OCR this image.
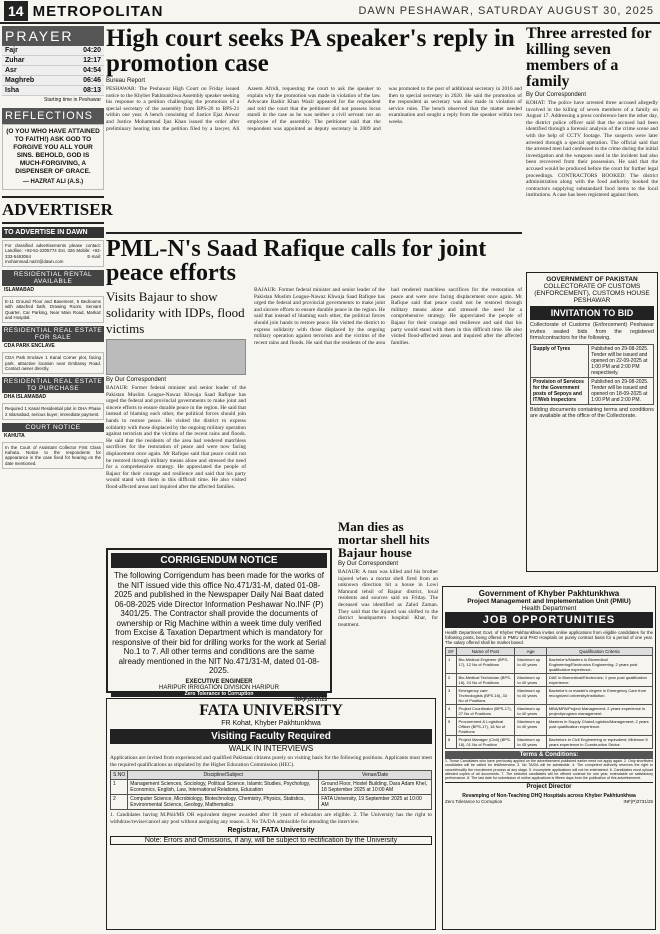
14 METROPOLITAN	DAWN PESHAWAR, SATURDAY AUGUST 30, 2025
PRAYER
Fajr	04:20
Zuhar	12:17
Asr	04:54
Maghreb	06:46
Isha	08:13
Starting time in Peshawar
REFLECTIONS
(O YOU WHO HAVE ATTAINED TO FAITH!) ASK GOD TO FORGIVE YOU ALL YOUR SINS. BEHOLD, GOD IS MUCH-FORGIVING, A DISPENSER OF GRACE.
— HAZRAT ALI (A.S.)
ADVERTISER
TO ADVERTISE IN DAWN
For classified advertisements please contact: Landline: +92-51-2205774 Ext. 326 Mobile: +92-333-5463064 E-mail: mohammad.nazir@dawn.com
RESIDENTIAL RENTAL AVAILABLE
ISLAMABAD
E-11 Ground Floor and Basement, 5 Bedrooms with attached bath, Drawing Room, Servant Quarter, Car Parking, Near Main Road, Markaz and Hospital.
RESIDENTIAL REAL ESTATE FOR SALE
CDA PARK ENCLAVE
CDA Park Enclave 1 Kanal Corner plot, facing park, attractive location near Embassy Road. Contact owner directly.
RESIDENTIAL REAL ESTATE TO PURCHASE
DHA ISLAMABAD
Required 1 Kanal Residential plot in DHA Phase 2 Islamabad, serious buyer, immediate payment.
COURT NOTICE
KAHUTA
In the Court of Assistant Collector First Class Kahuta. Notice to the respondents for appearance in the case fixed for hearing on the date mentioned.
High court seeks PA speaker's reply in promotion case
Bureau Report
PESHAWAR: The Peshawar High Court on Friday issued notice to the Khyber Pakhtunkhwa Assembly speaker seeking his response to a petition challenging the promotion of a special secretary of the assembly from BPS-20 to BPS-21 within one year. A bench consisting of Justice Ejaz Anwar and Justice Mohammad Ijaz Khan issued the order after preliminary hearing into the petition filed by a lawyer, Ali Azeem Afridi, requesting the court to ask the speaker to explain why the promotion was made in violation of the law. Advocate Bashir Khan Wazir appeared for the respondent and told the court that the petitioner did not possess locus standi in the case as he was neither a civil servant nor an employee of the assembly. The petitioner said that the respondent was appointed as deputy secretary in 2009 and was promoted to the post of additional secretary in 2016 and then to special secretary in 2020. He said the promotion of the respondent as secretary was also made in violation of service rules. The bench observed that the matter needed examination and sought a reply from the speaker within two weeks.
PML-N's Saad Rafique calls for joint peace efforts
Visits Bajaur to show solidarity with IDPs, flood victims
By Our Correspondent
BAJAUR: Former federal minister and senior leader of the Pakistan Muslim League-Nawaz Khwaja Saad Rafique has urged the federal and provincial governments to make joint and sincere efforts to ensure durable peace in the region. He said that instead of blaming each other, the political forces should join hands to restore peace. He visited the district to express solidarity with those displaced by the ongoing military operation against terrorists and the victims of the recent rains and floods. He said that the residents of the area had rendered matchless sacrifices for the restoration of peace and were now facing displacement once again. Mr Rafique said that peace could not be restored through military means alone and stressed the need for a comprehensive strategy. He appreciated the people of Bajaur for their courage and resilience and said that his party would stand with them in this difficult time. He also visited flood-affected areas and inquired after the affected families.
BAJAUR: Former federal minister and senior leader of the Pakistan Muslim League-Nawaz Khwaja Saad Rafique has urged the federal and provincial governments to make joint and sincere efforts to ensure durable peace in the region. He said that instead of blaming each other, the political forces should join hands to restore peace. He visited the district to express solidarity with those displaced by the ongoing military operation against terrorists and the victims of the recent rains and floods. He said that the residents of the area had rendered matchless sacrifices for the restoration of peace and were now facing displacement once again. Mr Rafique said that peace could not be restored through military means alone and stressed the need for a comprehensive strategy. He appreciated the people of Bajaur for their courage and resilience and said that his party would stand with them in this difficult time. He also visited flood-affected areas and inquired after the affected families.
CORRIGENDUM NOTICE
The following Corrigendum has been made for the works of the NIT issued vide this office No.471/31-M, dated 01-08-2025 and published in the Newspaper Daily Nai Baat dated 06-08-2025 vide Director Information Peshawar No.INF (P) 3401/25. The Contractor shall provide the documents of ownership or Rig Machine within a week time duly verified from Excise & Taxation Department which is mandatory for responsive of their bid for drilling works for the work at Serial No.1 to 7. All other terms and conditions are the same already mentioned in the NIT No.471/31-M, dated 01-08-2025.
EXECUTIVE ENGINEER
HARIPUR IRRIGATION DIVISION HARIPUR
Zero Tolerance to Corruption
INF(P)3727/25
Man dies as mortar shell hits Bajaur house
By Our Correspondent
BAJAUR: A man was killed and his brother injured when a mortar shell fired from an unknown direction hit a house in Lowi Mamund tehsil of Bajaur district, local residents and sources said on Friday. The deceased was identified as Zahid Zaman. They said that the injured was shifted to the district headquarters hospital Khar, for treatment.
FATA UNIVERSITY
FR Kohat, Khyber Pakhtunkhwa
Visiting Faculty Required
WALK IN INTERVIEWS
Applications are invited from experienced and qualified Pakistani citizens purely on visiting basis for the following positions. Applicants must meet the required qualifications as stipulated by the Higher Education Commission (HEC).
S.NO	Discipline/Subject	Venue/Date
1	Management Sciences, Sociology, Political Science, Islamic Studies, Psychology, Economics, English, Law, International Relations, Education	Ground Floor, Hostel Building, Dara Adam Khel, 18 September 2025 at 10:00 AM
2	Computer Science, Microbiology, Biotechnology, Chemistry, Physics, Statistics, Environmental Science, Geology, Mathematics	FATA University, 19 September 2025 at 10:00 AM
1. Candidates having M.Phil/MS OR equivalent degree awarded after 18 years of education are eligible. 2. The University has the right to withdraw/revise/cancel any post without assigning any reason. 3. No TA/DA admissible for attending the interview.
Registrar, FATA University
Note: Errors and Omissions, if any, will be subject to rectification by the University
Three arrested for killing seven members of a family
By Our Correspondent
KOHAT: The police have arrested three accused allegedly involved in the killing of seven members of a family on August 17. Addressing a press conference here the other day, the district police officer said that the accused had been identified through a forensic analysis of the crime scene and with the help of CCTV footage. The suspects were later arrested through a special operation. The official said that the arrested men had confessed to the crime during the initial investigation and the weapons used in the incident had also been recovered from their possession. He said that the accused would be produced before the court for further legal proceedings. CONTRACTORS BOOKED: The district administration along with the food authority booked the contractors supplying substandard food items to the local institutions. A case has been registered against them.
GOVERNMENT OF PAKISTAN
COLLECTORATE OF CUSTOMS (ENFORCEMENT), CUSTOMS HOUSE PESHAWAR
INVITATION TO BID
Collectorate of Customs (Enforcement) Peshawar invites sealed bids from the registered firms/contractors for the following.
Supply of Tyres	Published on 29-08-2025. Tender will be issued and opened on 22-09-2025 at 1:00 PM and 2:00 PM respectively.
Provision of Services for the Government posts of Sepoys and IT/Web Inspectors	Published on 29-08-2025. Tender will be issued and opened on 18-09-2025 at 1:00 PM and 2:00 PM.
Bidding documents containing terms and conditions are available at the office of the Collectorate.
Government of Khyber Pakhtunkhwa
Project Management and Implementation Unit (PMIU)
Health Department
JOB OPPORTUNITIES
Health Department Govt. of Khyber Pakhtunkhwa invites online applications from eligible candidates for the following posts, being offered in PMIU and PHO Hospitals on purely contract basis for a period of one year. The salary offered shall be market based.
S#	Name of Post	Age	Qualification Criteria
1	Bio-Medical Engineer (BPS-17), 12 No of Positions	Maximum up to 40 years	Bachelor's/Masters in Biomedical Engineering/Electronics Engineering; 2 years post qualification experience.
2	Bio-Medical Technician (BPS-16), 24 No of Positions	Maximum up to 40 years	DAE in Biomedical/Electronics; 1 year post qualification experience.
3	Emergency care Technologists (BPS-16), 33 No of Positions	Maximum up to 40 years	Bachelor's or master's degree in Emergency Care from recognized university/institution.
4	Project Coordinator (BPS-17), 27 No of Positions	Maximum up to 40 years	MBA/MPA/Project Management; 2 years experience in project/program management.
5	Procurement & Logistical Officer (BPS-17), 18 No of Positions	Maximum up to 40 years	Masters in Supply Chain/Logistics/Management; 2 years post qualification experience.
6	Project Manager (Civil) (BPS-18), 01 No of Position	Maximum up to 45 years	Bachelors in Civil Engineering or equivalent; Minimum 5 years experience in Construction Sector.
Terms & Conditions:
1. Those Candidates who have previously applied on the advertisement published earlier need not apply again. 2. Only shortlisted candidates will be called for test/interview. 3. No TA/DA will be admissible. 4. The competent authority reserves the right to cancel/modify the recruitment process at any stage. 5. Incomplete applications will not be entertained. 6. Candidates must upload attested copies of all documents. 7. The selected candidates will be offered contract for one year, extendable on satisfactory performance. 8. The last date for submission of online applications is fifteen days from the publication of this advertisement.
Project Director
Revamping of Non-Teaching DHQ Hospitals across Khyber Pakhtunkhwa
Zero Tolerance to Corruption	INF(P)3731/25
